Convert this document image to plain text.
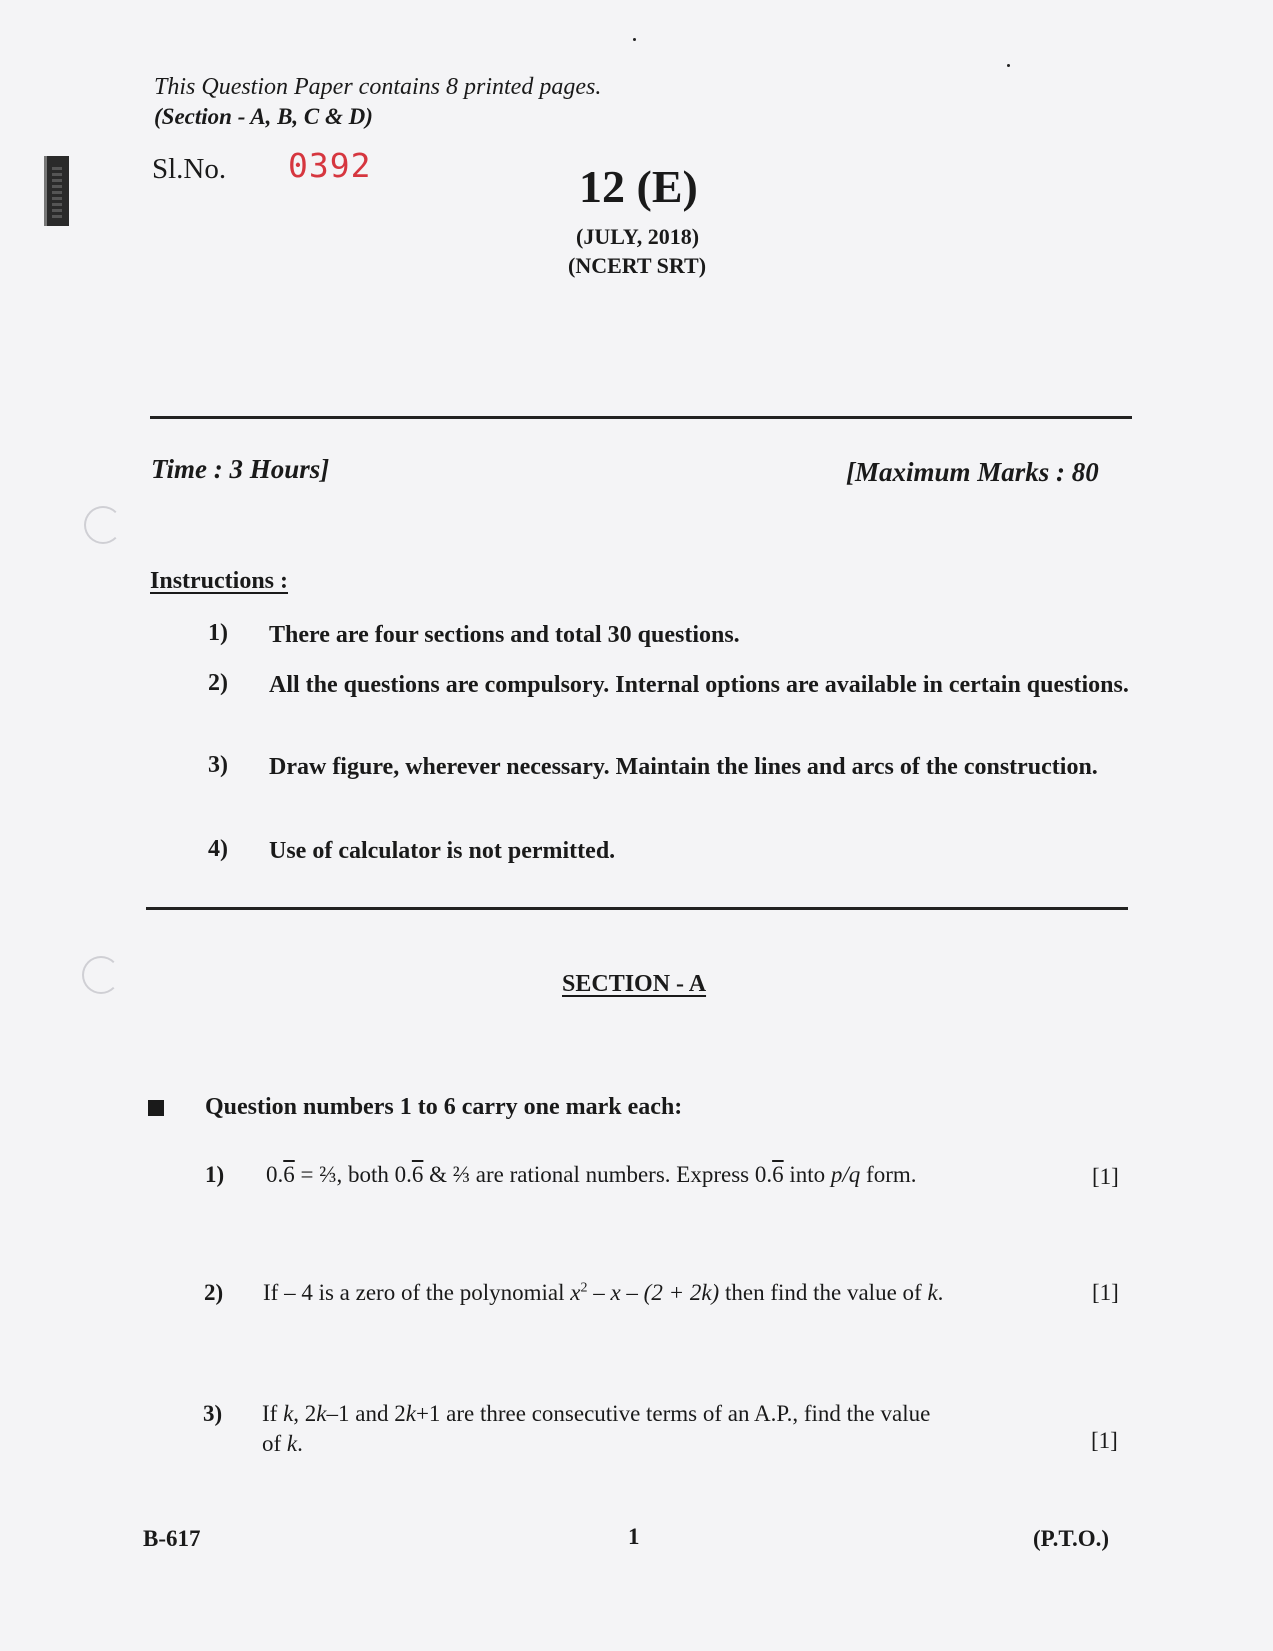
This Question Paper contains 8 printed pages.
(Section - A, B, C & D)
Sl.No. 0392	12 (E)
(JULY, 2018)
(NCERT SRT)
Time : 3 Hours]	[Maximum Marks : 80
Instructions :
1) There are four sections and total 30 questions.
2) All the questions are compulsory. Internal options are available in certain questions.
3) Draw figure, wherever necessary. Maintain the lines and arcs of the construction.
4) Use of calculator is not permitted.
SECTION - A
Question numbers 1 to 6 carry one mark each:
1) 0.6 = ⅔, both 0.6 & ⅔ are rational numbers. Express 0.6 into p/q form.	[1]
2) If – 4 is a zero of the polynomial $x^2 - x - (2 + 2k)$ then find the value of k.	[1]
3) If k, 2k–1 and 2k+1 are three consecutive terms of an A.P., find the value
of k.	[1]
B-617	1	(P.T.O.)
